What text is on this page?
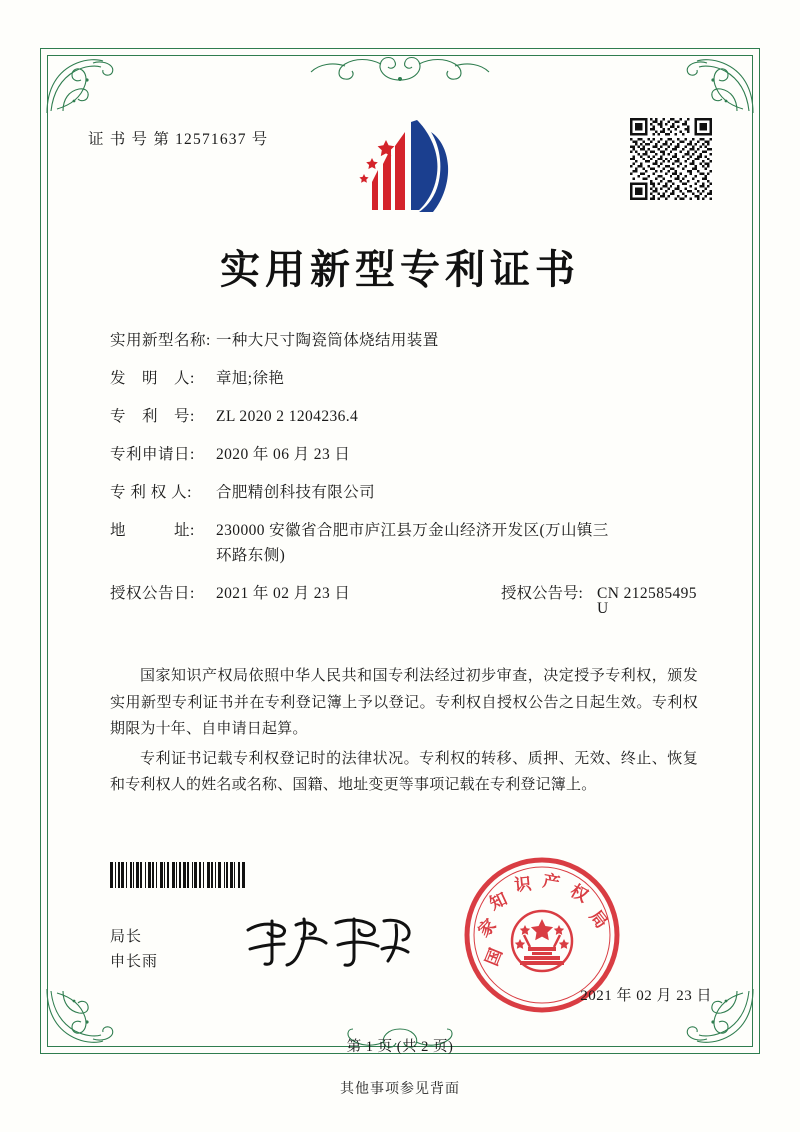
证 书 号 第 12571637 号
实用新型专利证书
实用新型名称: 一种大尺寸陶瓷筒体烧结用装置
发　明　人:	章旭;徐艳
专　利　号:	ZL 2020 2 1204236.4
专利申请日:	2020 年 06 月 23 日
专 利 权 人:	合肥精创科技有限公司
地　　　址:	230000 安徽省合肥市庐江县万金山经济开发区(万山镇三
环路东侧)
授权公告日:	2021 年 02 月 23 日	授权公告号: CN 212585495 U

国家知识产权局依照中华人民共和国专利法经过初步审查，决定授予专利权，颁发实用新型专利证书并在专利登记簿上予以登记。专利权自授权公告之日起生效。专利权期限为十年、自申请日起算。

专利证书记载专利权登记时的法律状况。专利权的转移、质押、无效、终止、恢复和专利权人的姓名或名称、国籍、地址变更等事项记载在专利登记簿上。

局长
申长雨	国
家
知
识 产 权
局
2021 年 02 月 23 日
第 1 页 (共 2 页)
其他事项参见背面
